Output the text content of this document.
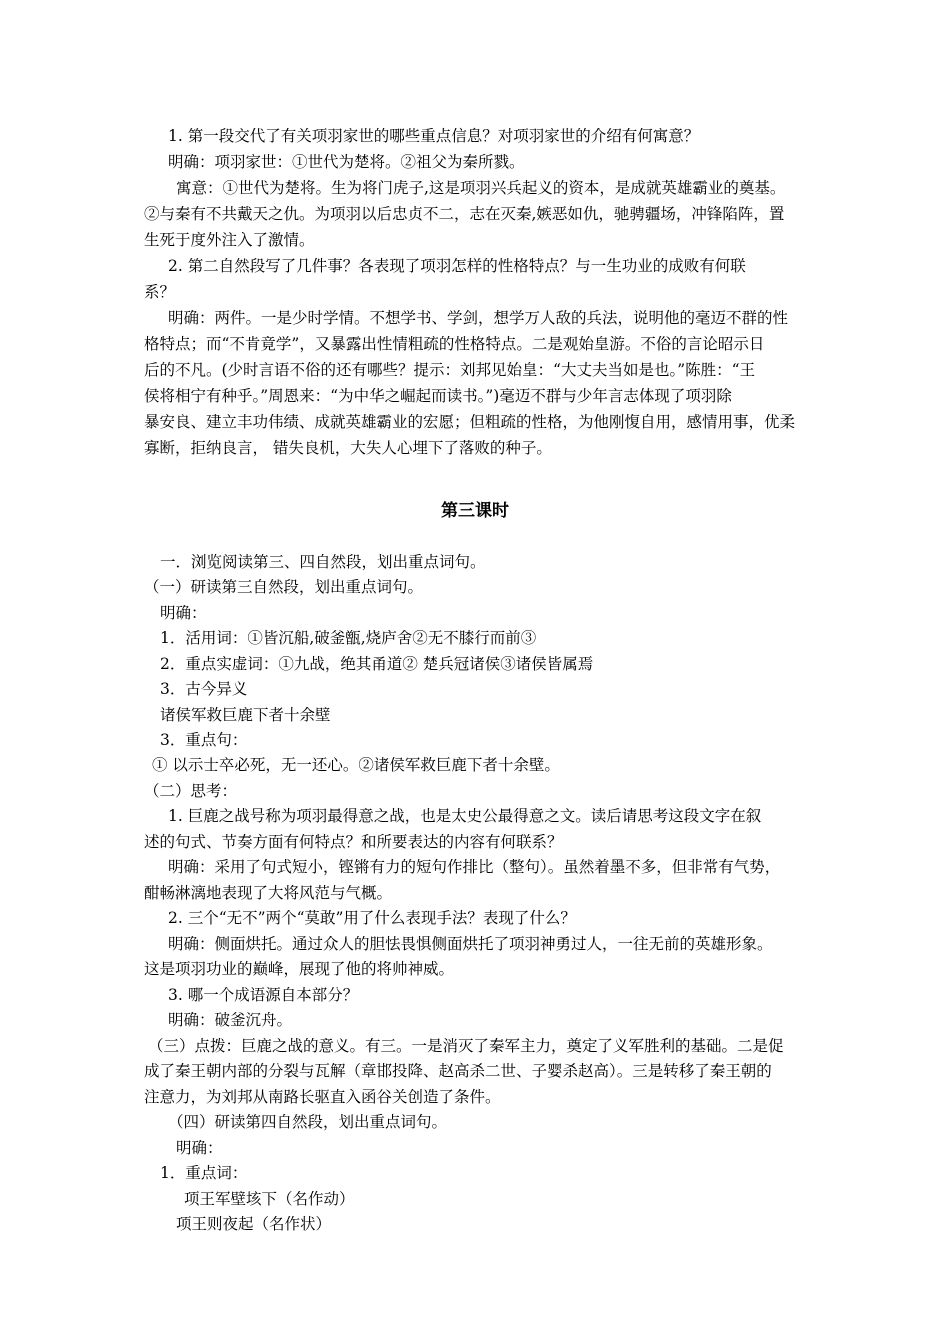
1. 第一段交代了有关项羽家世的哪些重点信息？对项羽家世的介绍有何寓意？
明确：项羽家世：①世代为楚将。②祖父为秦所戮。
寓意：①世代为楚将。生为将门虎子,这是项羽兴兵起义的资本，是成就英雄霸业的奠基。
②与秦有不共戴天之仇。为项羽以后忠贞不二，志在灭秦,嫉恶如仇，驰骋疆场，冲锋陷阵，置
生死于度外注入了激情。
2. 第二自然段写了几件事？各表现了项羽怎样的性格特点？与一生功业的成败有何联
系？
明确：两件。一是少时学情。不想学书、学剑，想学万人敌的兵法，说明他的毫迈不群的性
格特点；而“不肯竟学”，又暴露出性情粗疏的性格特点。二是观始皇游。不俗的言论昭示日
后的不凡。(少时言语不俗的还有哪些？提示：刘邦见始皇：“大丈夫当如是也。”陈胜：“王
侯将相宁有种乎。”周恩来：“为中华之崛起而读书。”)毫迈不群与少年言志体现了项羽除
暴安良、建立丰功伟绩、成就英雄霸业的宏愿；但粗疏的性格，为他刚愎自用，感情用事，优柔
寡断，拒纳良言， 错失良机，大失人心埋下了落败的种子。
第三课时
一．浏览阅读第三、四自然段，划出重点词句。
（一）研读第三自然段，划出重点词句。
明确：
1．活用词：①皆沉船,破釜甑,烧庐舍②无不膝行而前③
2．重点实虚词：①九战，绝其甬道② 楚兵冠诸侯③诸侯皆属焉
3．古今异义
诸侯军救巨鹿下者十余壁
3．重点句：
① 以示士卒必死，无一还心。②诸侯军救巨鹿下者十余壁。
（二）思考：
1. 巨鹿之战号称为项羽最得意之战，也是太史公最得意之文。读后请思考这段文字在叙
述的句式、节奏方面有何特点？和所要表达的内容有何联系？
明确：采用了句式短小，铿锵有力的短句作排比（整句）。虽然着墨不多，但非常有气势，
酣畅淋漓地表现了大将风范与气概。
2. 三个“无不”两个“莫敢”用了什么表现手法？表现了什么？
明确：侧面烘托。通过众人的胆怯畏惧侧面烘托了项羽神勇过人，一往无前的英雄形象。
这是项羽功业的巅峰，展现了他的将帅神威。
3. 哪一个成语源自本部分？
明确：破釜沉舟。
（三）点拨：巨鹿之战的意义。有三。一是消灭了秦军主力，奠定了义军胜利的基础。二是促
成了秦王朝内部的分裂与瓦解（章邯投降、赵高杀二世、子婴杀赵高）。三是转移了秦王朝的
注意力，为刘邦从南路长驱直入函谷关创造了条件。
（四）研读第四自然段，划出重点词句。
明确：
1．重点词：
项王军壁垓下（名作动）
项王则夜起（名作状）
